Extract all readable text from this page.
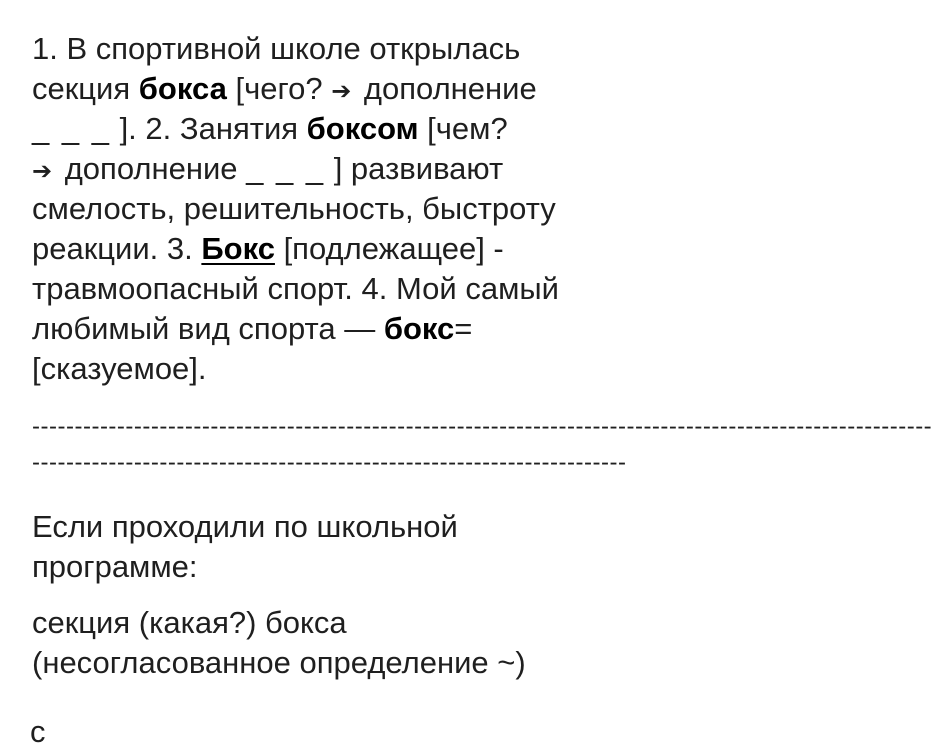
1. В спортивной школе открылась
секция бокса [чего? ➔ дополнение
_ _ _ ]. 2. Занятия боксом [чем?
➔ дополнение _ _ _ ] развивают
смелость, решительность, быстроту
реакции. 3. Бокс [подлежащее] -
травмоопасный спорт. 4. Мой самый
любимый вид спорта — бокс=
[сказуемое].
----------------------------------------------------------------------------------------------------------
----------------------------------------------------------------------
Если проходили по школьной
программе:
секция (какая?) бокса
(несогласованное определение ~)
с
